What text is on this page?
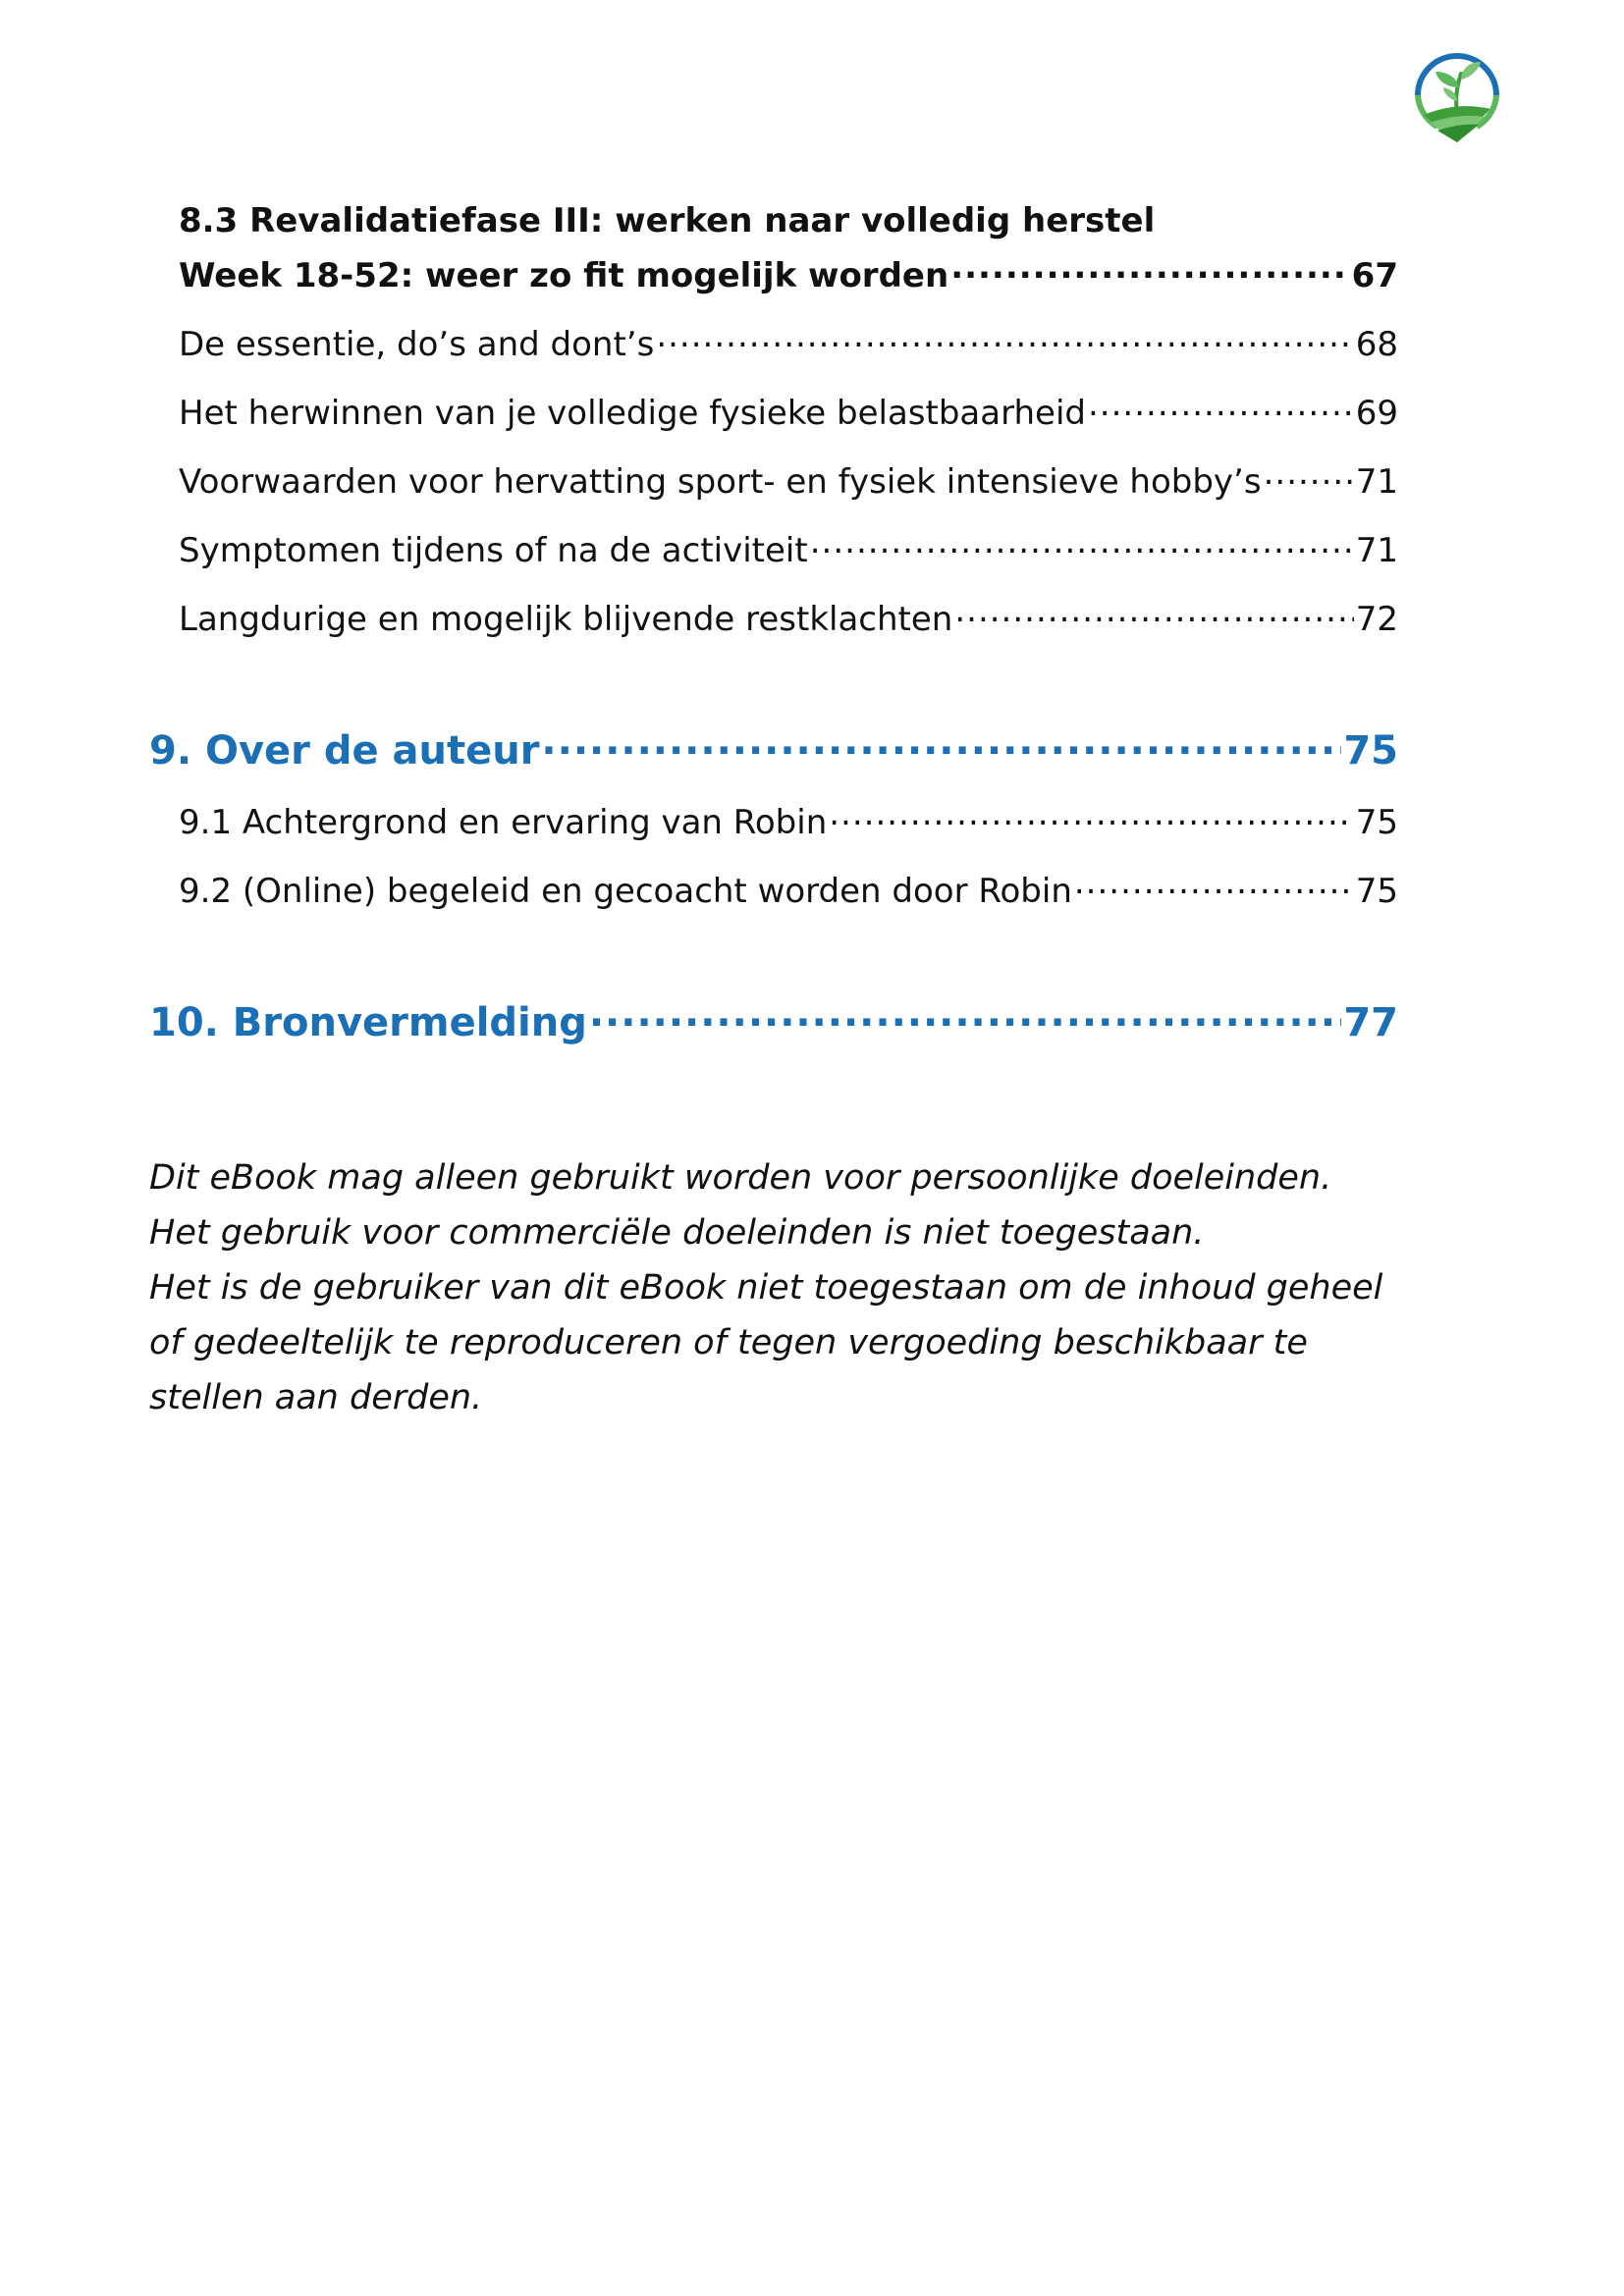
8.3 Revalidatiefase III: werken naar volledig herstel
Week 18-52: weer zo fit mogelijk worden .....	67
De essentie, do’s and dont’s .....	68
Het herwinnen van je volledige fysieke belastbaarheid .....	69
Voorwaarden voor hervatting sport- en fysiek intensieve hobby’s .....	71
Symptomen tijdens of na de activiteit .....	71
Langdurige en mogelijk blijvende restklachten .....	72
9. Over de auteur .....	75
9.1 Achtergrond en ervaring van Robin .....	75
9.2 (Online) begeleid en gecoacht worden door Robin .....	75
10. Bronvermelding .....	77

Dit eBook mag alleen gebruikt worden voor persoonlijke doeleinden.

Het gebruik voor commerciële doeleinden is niet toegestaan.

Het is de gebruiker van dit eBook niet toegestaan om de inhoud geheel of gedeeltelijk te reproduceren of tegen vergoeding beschikbaar te stellen aan derden.
